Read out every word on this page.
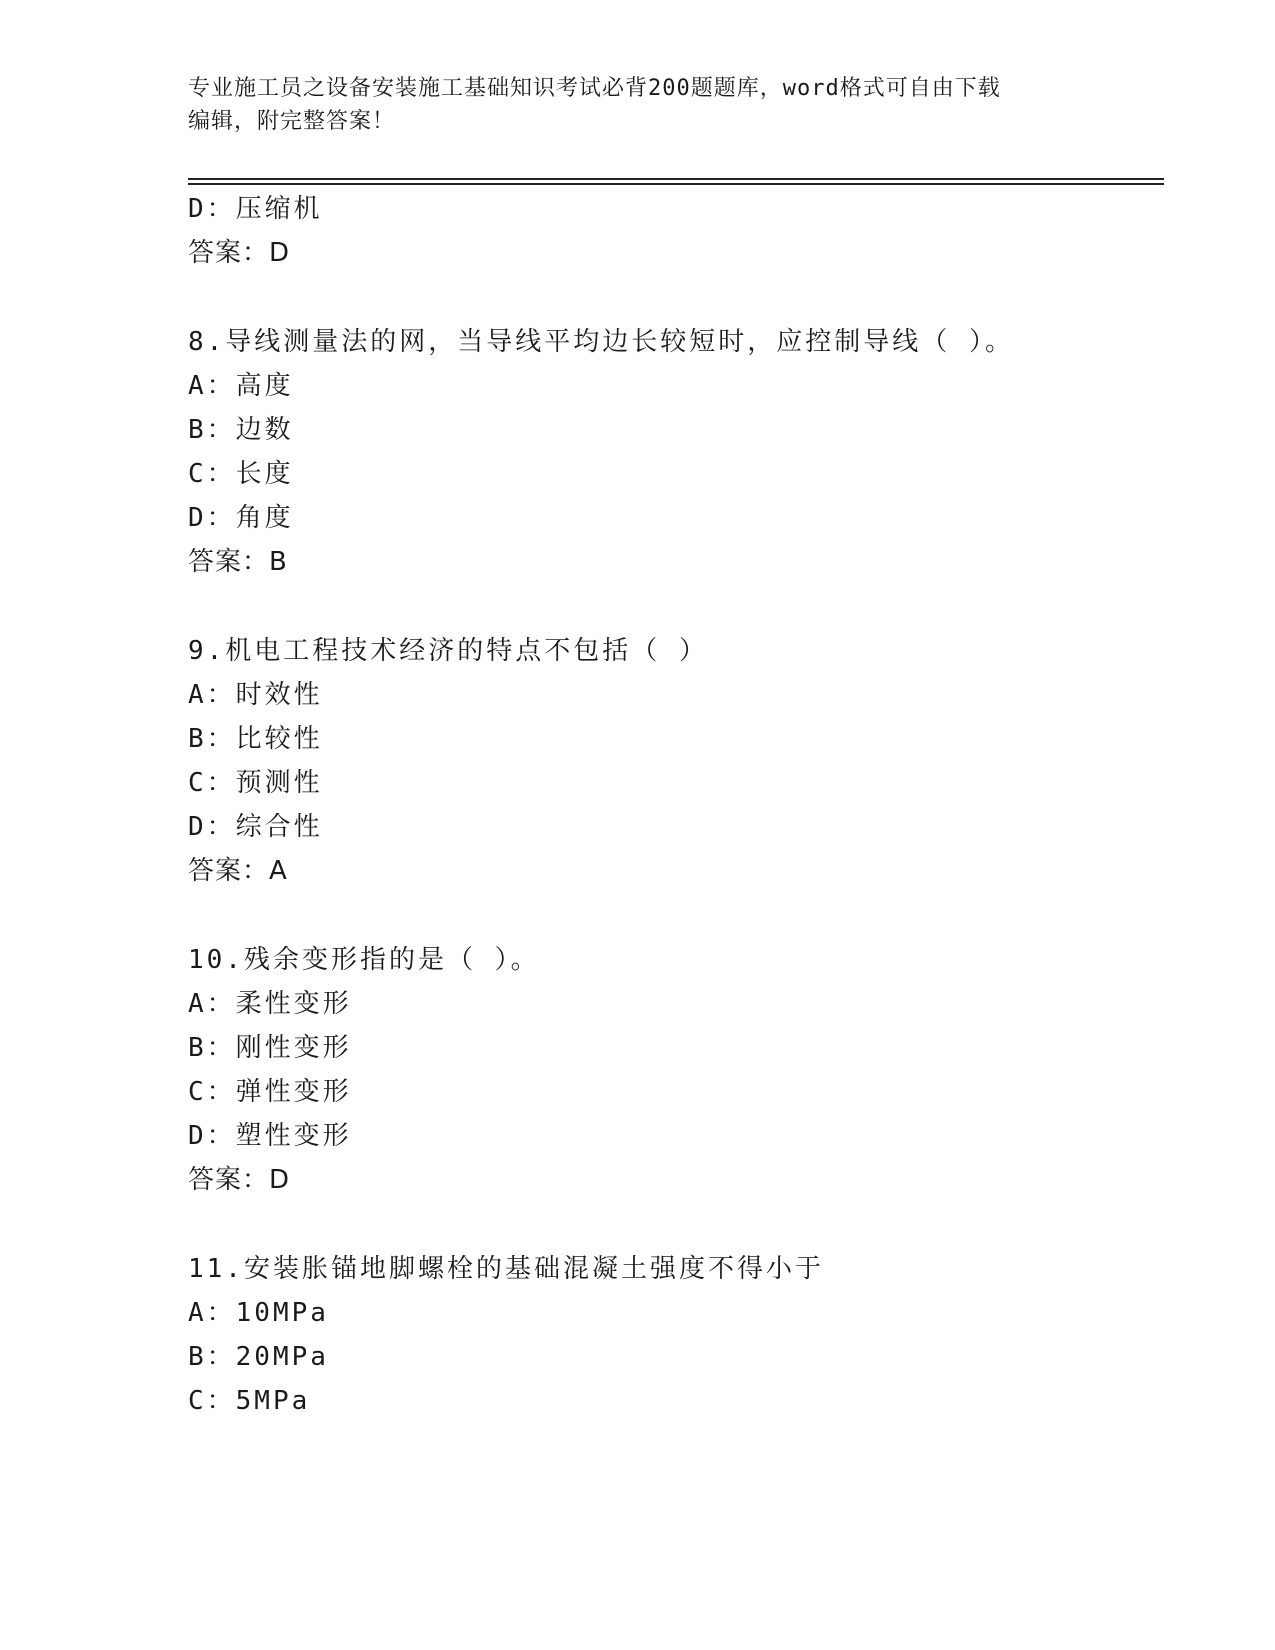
专业施工员之设备安装施工基础知识考试必背200题题库，word格式可自由下载
编辑，附完整答案！
D：压缩机
答案：D
8.导线测量法的网，当导线平均边长较短时，应控制导线（ ）。
A：高度
B：边数
C：长度
D：角度
答案：B
9.机电工程技术经济的特点不包括（ ）
A：时效性
B：比较性
C：预测性
D：综合性
答案：A
10.残余变形指的是（ ）。
A：柔性变形
B：刚性变形
C：弹性变形
D：塑性变形
答案：D
11.安装胀锚地脚螺栓的基础混凝土强度不得小于
A：10MPa
B：20MPa
C：5MPa
